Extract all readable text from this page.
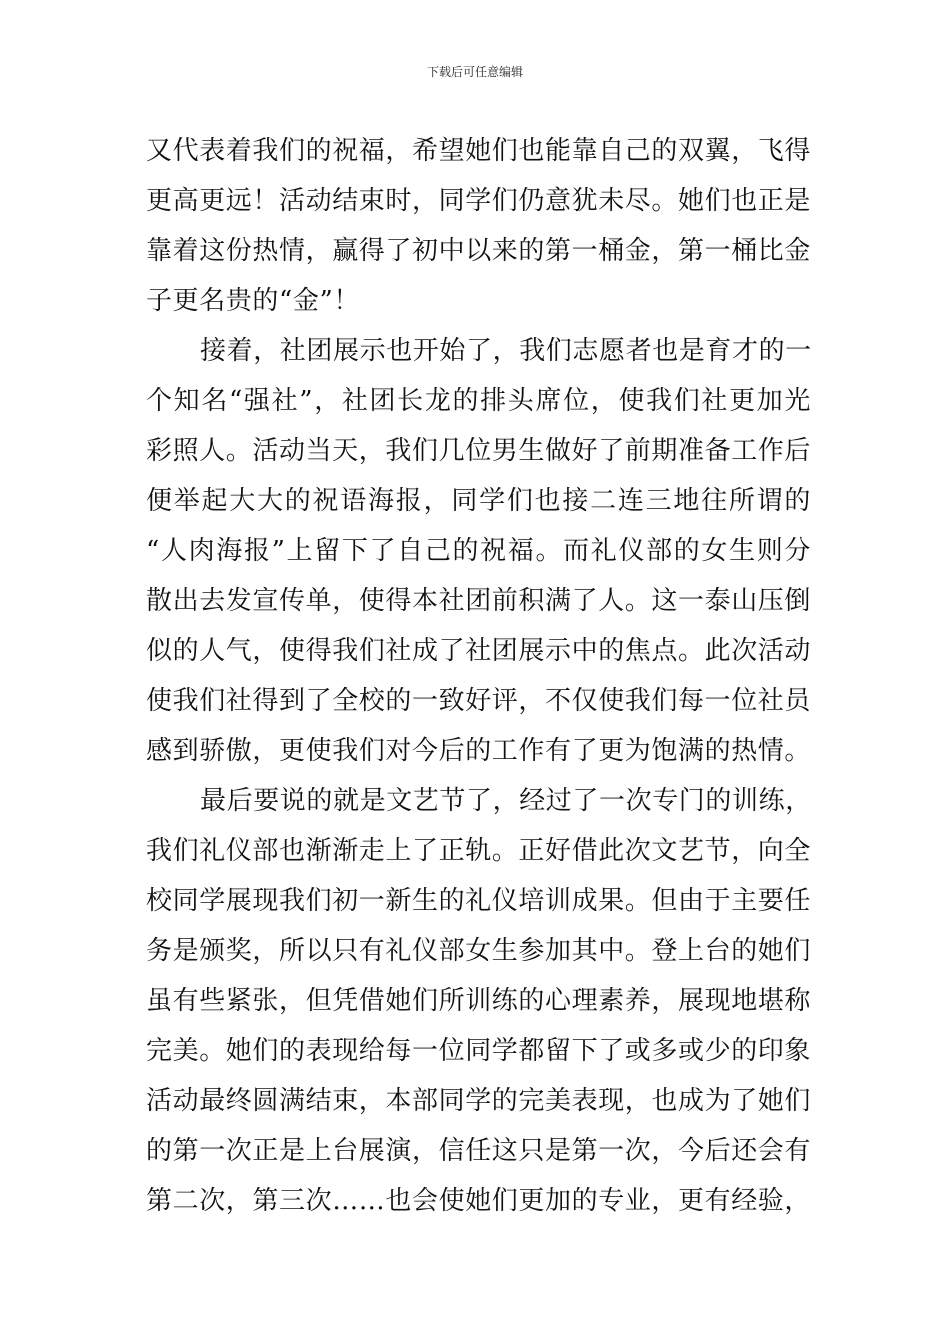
下载后可任意编辑
又代表着我们的祝福，希望她们也能靠自己的双翼，飞得
更高更远！活动结束时，同学们仍意犹未尽。她们也正是
靠着这份热情，赢得了初中以来的第一桶金，第一桶比金
子更名贵的“金”！
接着，社团展示也开始了，我们志愿者也是育才的一
个知名“强社”，社团长龙的排头席位，使我们社更加光
彩照人。活动当天，我们几位男生做好了前期准备工作后
便举起大大的祝语海报，同学们也接二连三地往所谓的
“人肉海报”上留下了自己的祝福。而礼仪部的女生则分
散出去发宣传单，使得本社团前积满了人。这一泰山压倒
似的人气，使得我们社成了社团展示中的焦点。此次活动
使我们社得到了全校的一致好评，不仅使我们每一位社员
感到骄傲，更使我们对今后的工作有了更为饱满的热情。
最后要说的就是文艺节了，经过了一次专门的训练，
我们礼仪部也渐渐走上了正轨。正好借此次文艺节，向全
校同学展现我们初一新生的礼仪培训成果。但由于主要任
务是颁奖，所以只有礼仪部女生参加其中。登上台的她们
虽有些紧张，但凭借她们所训练的心理素养，展现地堪称
完美。她们的表现给每一位同学都留下了或多或少的印象
活动最终圆满结束，本部同学的完美表现，也成为了她们
的第一次正是上台展演，信任这只是第一次，今后还会有
第二次，第三次……也会使她们更加的专业，更有经验，
